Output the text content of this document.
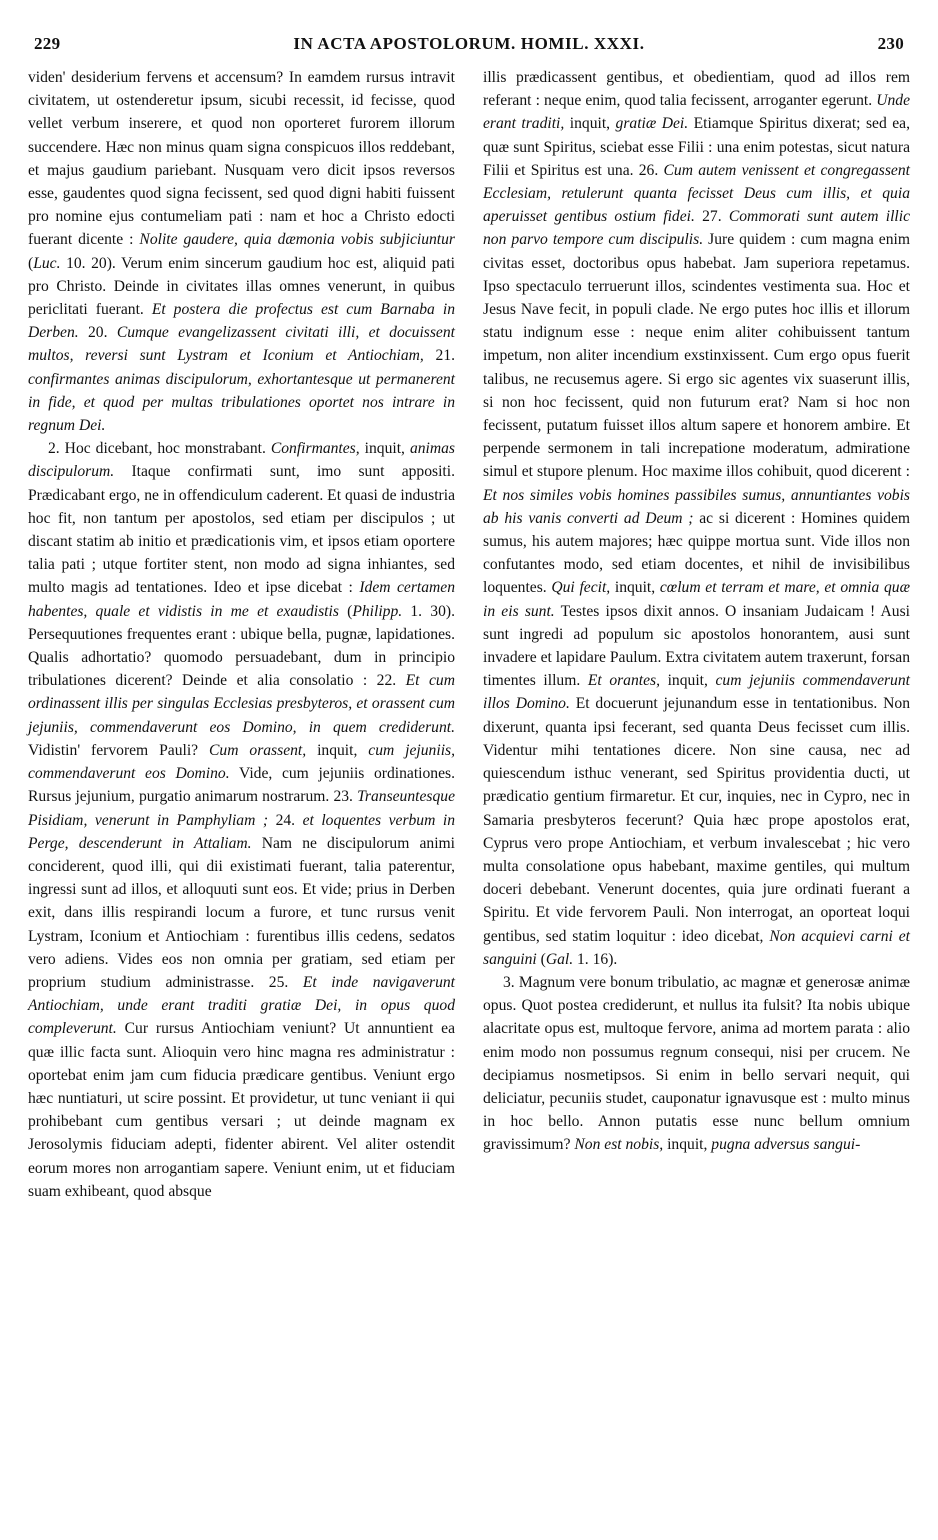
229	IN ACTA APOSTOLORUM. HOMIL. XXXI.	230

viden' desiderium fervens et accensum? In eamdem rursus intravit civitatem, ut ostenderetur ipsum, sicubi recessit, id fecisse, quod vellet verbum inserere, et quod non oporteret furorem illorum succendere. Hæc non minus quam signa conspicuos illos reddebant, et majus gaudium pariebant. Nusquam vero dicit ipsos reversos esse, gaudentes quod signa fecissent, sed quod digni habiti fuissent pro nomine ejus contumeliam pati : nam et hoc a Christo edocti fuerant dicente : Nolite gaudere, quia dæmonia vobis subjiciuntur (Luc. 10. 20). Verum enim sincerum gaudium hoc est, aliquid pati pro Christo. Deinde in civitates illas omnes venerunt, in quibus periclitati fuerant. Et postera die profectus est cum Barnaba in Derben. 20. Cumque evangelizassent civitati illi, et docuissent multos, reversi sunt Lystram et Iconium et Antiochiam, 21. confirmantes animas discipulorum, exhortantesque ut permanerent in fide, et quod per multas tribulationes oportet nos intrare in regnum Dei.

2. Hoc dicebant, hoc monstrabant. Confirmantes, inquit, animas discipulorum. Itaque confirmati sunt, imo sunt appositi. Prædicabant ergo, ne in offendiculum caderent. Et quasi de industria hoc fit, non tantum per apostolos, sed etiam per discipulos ; ut discant statim ab initio et prædicationis vim, et ipsos etiam oportere talia pati ; utque fortiter stent, non modo ad signa inhiantes, sed multo magis ad tentationes. Ideo et ipse dicebat : Idem certamen habentes, quale et vidistis in me et exaudistis (Philipp. 1. 30). Persequutiones frequentes erant : ubique bella, pugnæ, lapidationes. Qualis adhortatio? quomodo persuadebant, dum in principio tribulationes dicerent? Deinde et alia consolatio : 22. Et cum ordinassent illis per singulas Ecclesias presbyteros, et orassent cum jejuniis, commendaverunt eos Domino, in quem crediderunt. Vidistin' fervorem Pauli? Cum orassent, inquit, cum jejuniis, commendaverunt eos Domino. Vide, cum jejuniis ordinationes. Rursus jejunium, purgatio animarum nostrarum. 23. Transeuntesque Pisidiam, venerunt in Pamphyliam ; 24. et loquentes verbum in Perge, descenderunt in Attaliam. Nam ne discipulorum animi conciderent, quod illi, qui dii existimati fuerant, talia paterentur, ingressi sunt ad illos, et alloquuti sunt eos. Et vide; prius in Derben exit, dans illis respirandi locum a furore, et tunc rursus venit Lystram, Iconium et Antiochiam : furentibus illis cedens, sedatos vero adiens. Vides eos non omnia per gratiam, sed etiam per proprium studium administrasse. 25. Et inde navigaverunt Antiochiam, unde erant traditi gratiæ Dei, in opus quod compleverunt. Cur rursus Antiochiam veniunt? Ut annuntient ea quæ illic facta sunt. Alioquin vero hinc magna res administratur : oportebat enim jam cum fiducia prædicare gentibus. Veniunt ergo hæc nuntiaturi, ut scire possint. Et providetur, ut tunc veniant ii qui prohibebant cum gentibus versari ; ut deinde magnam ex Jerosolymis fiduciam adepti, fidenter abirent. Vel aliter ostendit eorum mores non arrogantiam sapere. Veniunt enim, ut et fiduciam suam exhibeant, quod absque

illis prædicassent gentibus, et obedientiam, quod ad illos rem referant : neque enim, quod talia fecissent, arroganter egerunt. Unde erant traditi, inquit, gratiæ Dei. Etiamque Spiritus dixerat; sed ea, quæ sunt Spiritus, sciebat esse Filii : una enim potestas, sicut natura Filii et Spiritus est una. 26. Cum autem venissent et congregassent Ecclesiam, retulerunt quanta fecisset Deus cum illis, et quia aperuisset gentibus ostium fidei. 27. Commorati sunt autem illic non parvo tempore cum discipulis. Jure quidem : cum magna enim civitas esset, doctoribus opus habebat. Jam superiora repetamus. Ipso spectaculo terruerunt illos, scindentes vestimenta sua. Hoc et Jesus Nave fecit, in populi clade. Ne ergo putes hoc illis et illorum statu indignum esse : neque enim aliter cohibuissent tantum impetum, non aliter incendium exstinxissent. Cum ergo opus fuerit talibus, ne recusemus agere. Si ergo sic agentes vix suaserunt illis, si non hoc fecissent, quid non futurum erat? Nam si hoc non fecissent, putatum fuisset illos altum sapere et honorem ambire. Et perpende sermonem in tali increpatione moderatum, admiratione simul et stupore plenum. Hoc maxime illos cohibuit, quod dicerent : Et nos similes vobis homines passibiles sumus, annuntiantes vobis ab his vanis converti ad Deum ; ac si dicerent : Homines quidem sumus, his autem majores; hæc quippe mortua sunt. Vide illos non confutantes modo, sed etiam docentes, et nihil de invisibilibus loquentes. Qui fecit, inquit, cœlum et terram et mare, et omnia quæ in eis sunt. Testes ipsos dixit annos. O insaniam Judaicam ! Ausi sunt ingredi ad populum sic apostolos honorantem, ausi sunt invadere et lapidare Paulum. Extra civitatem autem traxerunt, forsan timentes illum. Et orantes, inquit, cum jejuniis commendaverunt illos Domino. Et docuerunt jejunandum esse in tentationibus. Non dixerunt, quanta ipsi fecerant, sed quanta Deus fecisset cum illis. Videntur mihi tentationes dicere. Non sine causa, nec ad quiescendum isthuc venerant, sed Spiritus providentia ducti, ut prædicatio gentium firmaretur. Et cur, inquies, nec in Cypro, nec in Samaria presbyteros fecerunt? Quia hæc prope apostolos erat, Cyprus vero prope Antiochiam, et verbum invalescebat ; hic vero multa consolatione opus habebant, maxime gentiles, qui multum doceri debebant. Venerunt docentes, quia jure ordinati fuerant a Spiritu. Et vide fervorem Pauli. Non interrogat, an oporteat loqui gentibus, sed statim loquitur : ideo dicebat, Non acquievi carni et sanguini (Gal. 1. 16).

3. Magnum vere bonum tribulatio, ac magnæ et generosæ animæ opus. Quot postea crediderunt, et nullus ita fulsit? Ita nobis ubique alacritate opus est, multoque fervore, anima ad mortem parata : alio enim modo non possumus regnum consequi, nisi per crucem. Ne decipiamus nosmetipsos. Si enim in bello servari nequit, qui deliciatur, pecuniis studet, cauponatur ignavusque est : multo minus in hoc bello. Annon putatis esse nunc bellum omnium gravissimum? Non est nobis, inquit, pugna adversus sangui-
